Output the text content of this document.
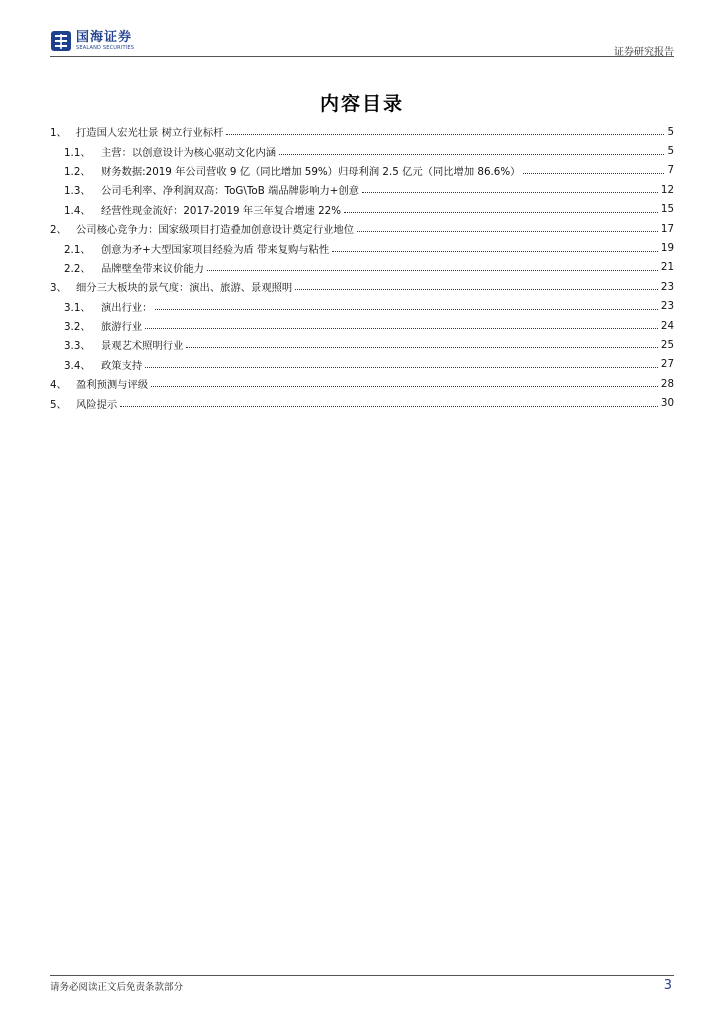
国海证券
SEALAND SECURITIES	证券研究报告
内容目录
1、 打造国人宏光壮景 树立行业标杆	5
1.1、	主营：以创意设计为核心驱动文化内涵	5
1.2、	财务数据:2019 年公司营收 9 亿（同比增加 59%）归母利润 2.5 亿元（同比增加 86.6%）	7
1.3、	公司毛利率、净利润双高：ToG\ToB 端品牌影响力+创意	12
1.4、	经营性现金流好：2017-2019 年三年复合增速 22%	15
2、 公司核心竞争力：国家级项目打造叠加创意设计奠定行业地位	17
2.1、	创意为矛+大型国家项目经验为盾 带来复购与粘性	19
2.2、	品牌壁垒带来议价能力	21
3、 细分三大板块的景气度：演出、旅游、景观照明	23
3.1、	演出行业：	23
3.2、	旅游行业	24
3.3、	景观艺术照明行业	25
3.4、	政策支持	27
4、 盈利预测与评级	28
5、 风险提示	30
请务必阅读正文后免责条款部分	3
